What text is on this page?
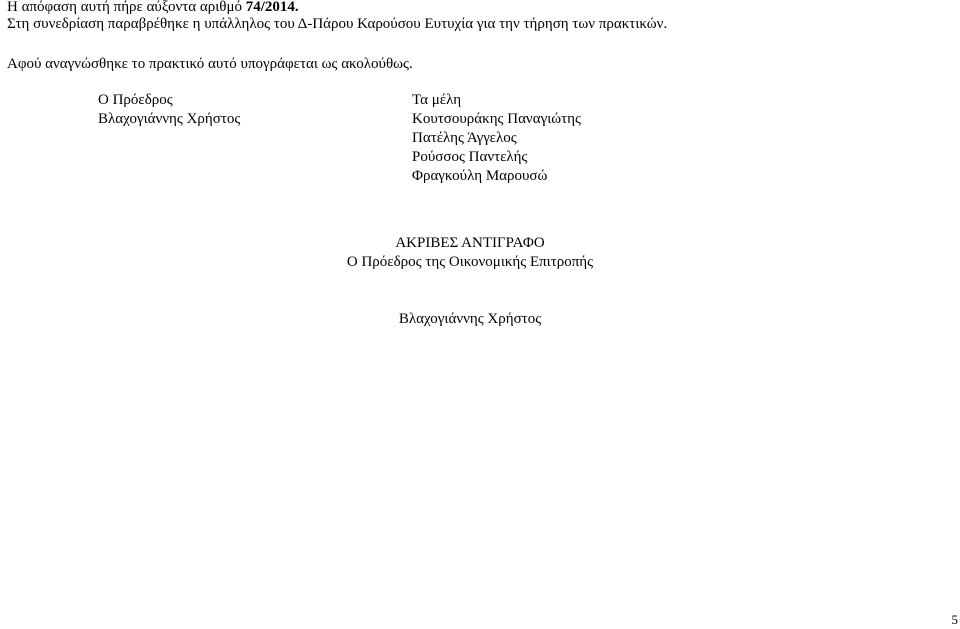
Η απόφαση αυτή πήρε αύξοντα αριθμό 74/2014.
Στη συνεδρίαση παραβρέθηκε η υπάλληλος του Δ-Πάρου Καρούσου Ευτυχία για την τήρηση των πρακτικών.
Αφού αναγνώσθηκε το πρακτικό αυτό υπογράφεται ως ακολούθως.
Ο Πρόεδρος
Βλαχογιάννης Χρήστος
Τα μέλη
Κουτσουράκης Παναγιώτης
Πατέλης Άγγελος
Ρούσσος Παντελής
Φραγκούλη Μαρουσώ
ΑΚΡΙΒΕΣ ΑΝΤΙΓΡΑΦΟ
Ο Πρόεδρος της Οικονομικής Επιτροπής
Βλαχογιάννης Χρήστος
5
